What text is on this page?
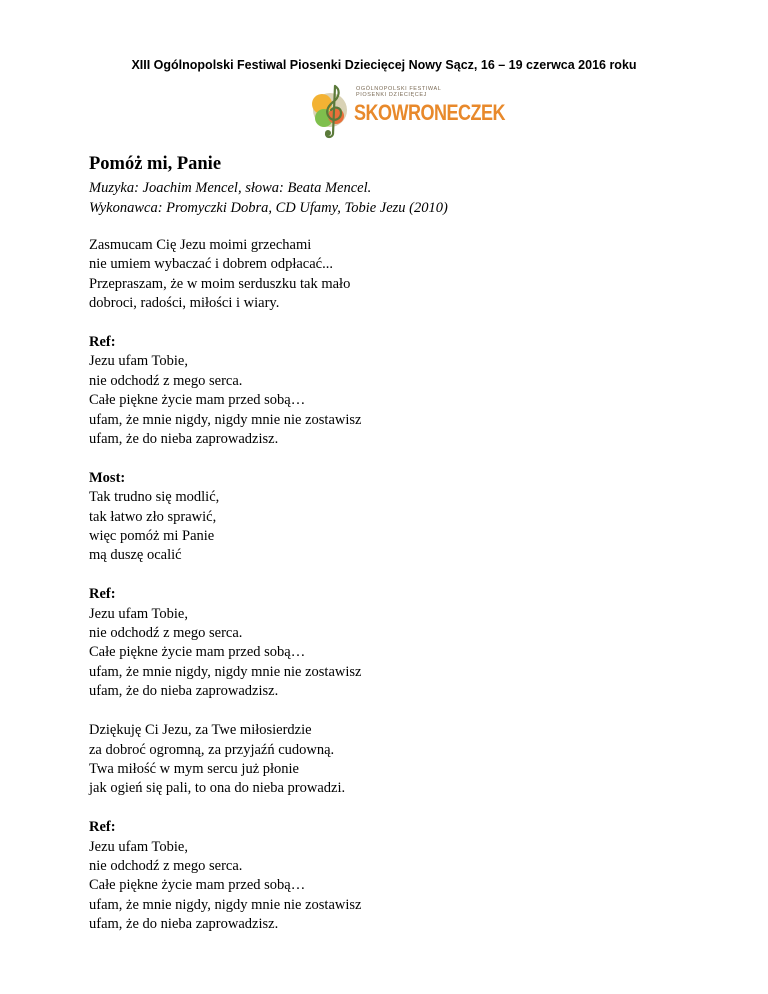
XIII Ogólnopolski Festiwal Piosenki Dziecięcej Nowy Sącz, 16 – 19 czerwca 2016 roku
OGÓLNOPOLSKI FESTIWAL
PIOSENKI DZIECIĘCEJ
SKOWRONECZEK
Pomóż mi, Panie
Muzyka: Joachim Mencel, słowa: Beata Mencel.
Wykonawca: Promyczki Dobra, CD Ufamy, Tobie Jezu (2010)
Zasmucam Cię Jezu moimi grzechami
nie umiem wybaczać i dobrem odpłacać...
Przepraszam, że w moim serduszku tak mało
dobroci, radości, miłości i wiary.
Ref:
Jezu ufam Tobie,
nie odchodź z mego serca.
Całe piękne życie mam przed sobą…
ufam, że mnie nigdy, nigdy mnie nie zostawisz
ufam, że do nieba zaprowadzisz.
Most:
Tak trudno się modlić,
tak łatwo zło sprawić,
więc pomóż mi Panie
mą duszę ocalić
Ref:
Jezu ufam Tobie,
nie odchodź z mego serca.
Całe piękne życie mam przed sobą…
ufam, że mnie nigdy, nigdy mnie nie zostawisz
ufam, że do nieba zaprowadzisz.
Dziękuję Ci Jezu, za Twe miłosierdzie
za dobroć ogromną, za przyjaźń cudowną.
Twa miłość w mym sercu już płonie
jak ogień się pali, to ona do nieba prowadzi.
Ref:
Jezu ufam Tobie,
nie odchodź z mego serca.
Całe piękne życie mam przed sobą…
ufam, że mnie nigdy, nigdy mnie nie zostawisz
ufam, że do nieba zaprowadzisz.
